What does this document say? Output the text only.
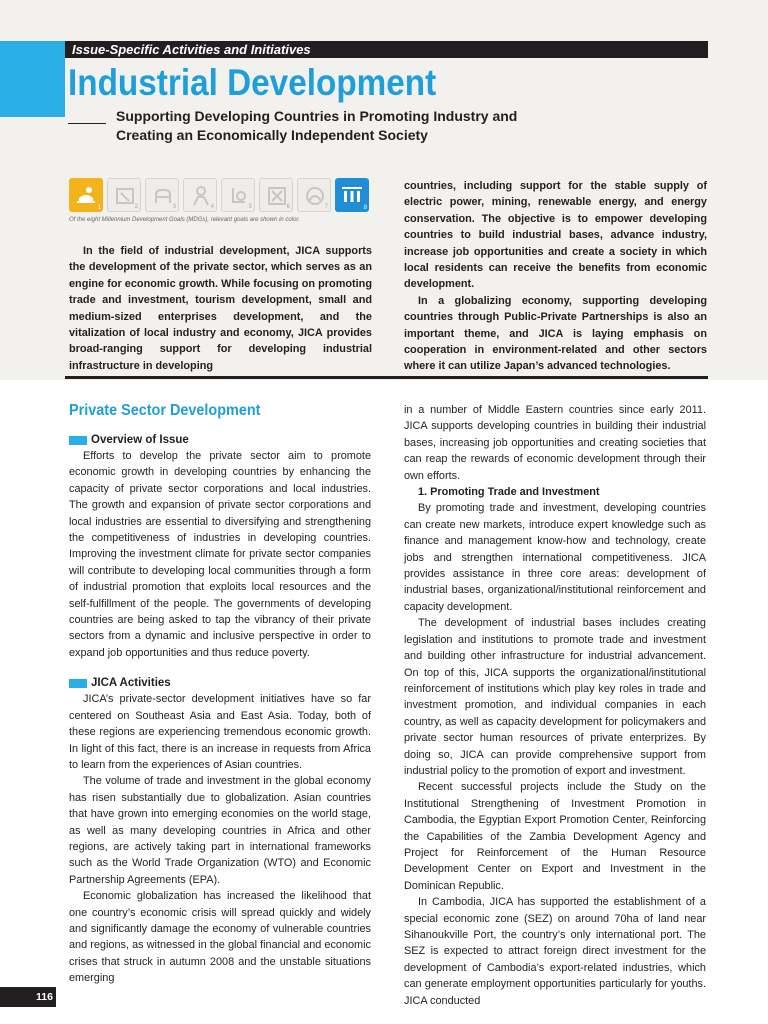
Issue-Specific Activities and Initiatives
Industrial Development
Supporting Developing Countries in Promoting Industry and
Creating an Economically Independent Society
1	2	3	4	5	6	7	8
Of the eight Millennium Development Goals (MDGs), relevant goals are shown in color.

In the field of industrial development, JICA supports the development of the private sector, which serves as an engine for economic growth. While focusing on promoting trade and investment, tourism development, small and medium-sized enterprises development, and the vitalization of local industry and economy, JICA provides broad-ranging support for developing industrial infrastructure in developing

countries, including support for the stable supply of electric power, mining, renewable energy, and energy conservation. The objective is to empower developing countries to build industrial bases, advance industry, increase job opportunities and create a society in which local residents can receive the benefits from economic development.

In a globalizing economy, supporting developing countries through Public-Private Partnerships is also an important theme, and JICA is laying emphasis on cooperation in environment-related and other sectors where it can utilize Japan’s advanced technologies.

Private Sector Development
Overview of Issue

Efforts to develop the private sector aim to promote economic growth in developing countries by enhancing the capacity of private sector corporations and local industries. The growth and expansion of private sector corporations and local industries are essential to diversifying and strengthening the competitiveness of industries in developing countries. Improving the investment climate for private sector companies will contribute to developing local communities through a form of industrial promotion that exploits local resources and the self-fulfillment of the people. The governments of developing countries are being asked to tap the vibrancy of their private sectors from a dynamic and inclusive perspective in order to expand job opportunities and thus reduce poverty.

JICA Activities

JICA’s private-sector development initiatives have so far centered on Southeast Asia and East Asia. Today, both of these regions are experiencing tremendous economic growth. In light of this fact, there is an increase in requests from Africa to learn from the experiences of Asian countries.

The volume of trade and investment in the global economy has risen substantially due to globalization. Asian countries that have grown into emerging economies on the world stage, as well as many developing countries in Africa and other regions, are actively taking part in international frameworks such as the World Trade Organization (WTO) and Economic Partnership Agreements (EPA).

Economic globalization has increased the likelihood that one country’s economic crisis will spread quickly and widely and significantly damage the economy of vulnerable countries and regions, as witnessed in the global financial and economic crises that struck in autumn 2008 and the unstable situations emerging

in a number of Middle Eastern countries since early 2011. JICA supports developing countries in building their industrial bases, increasing job opportunities and creating societies that can reap the rewards of economic development through their own efforts.

1. Promoting Trade and Investment

By promoting trade and investment, developing countries can create new markets, introduce expert knowledge such as finance and management know-how and technology, create jobs and strengthen international competitiveness. JICA provides assistance in three core areas: development of industrial bases, organizational/institutional reinforcement and capacity development.

The development of industrial bases includes creating legislation and institutions to promote trade and investment and building other infrastructure for industrial advancement. On top of this, JICA supports the organizational/institutional reinforcement of institutions which play key roles in trade and investment promotion, and individual companies in each country, as well as capacity development for policymakers and private sector human resources of private enterprizes. By doing so, JICA can provide comprehensive support from industrial policy to the promotion of export and investment.

Recent successful projects include the Study on the Institutional Strengthening of Investment Promotion in Cambodia, the Egyptian Export Promotion Center, Reinforcing the Capabilities of the Zambia Development Agency and Project for Reinforcement of the Human Resource Development Center on Export and Investment in the Dominican Republic.

In Cambodia, JICA has supported the establishment of a special economic zone (SEZ) on around 70ha of land near Sihanoukville Port, the country’s only international port. The SEZ is expected to attract foreign direct investment for the development of Cambodia’s export-related industries, which can generate employment opportunities particularly for youths. JICA conducted

116
